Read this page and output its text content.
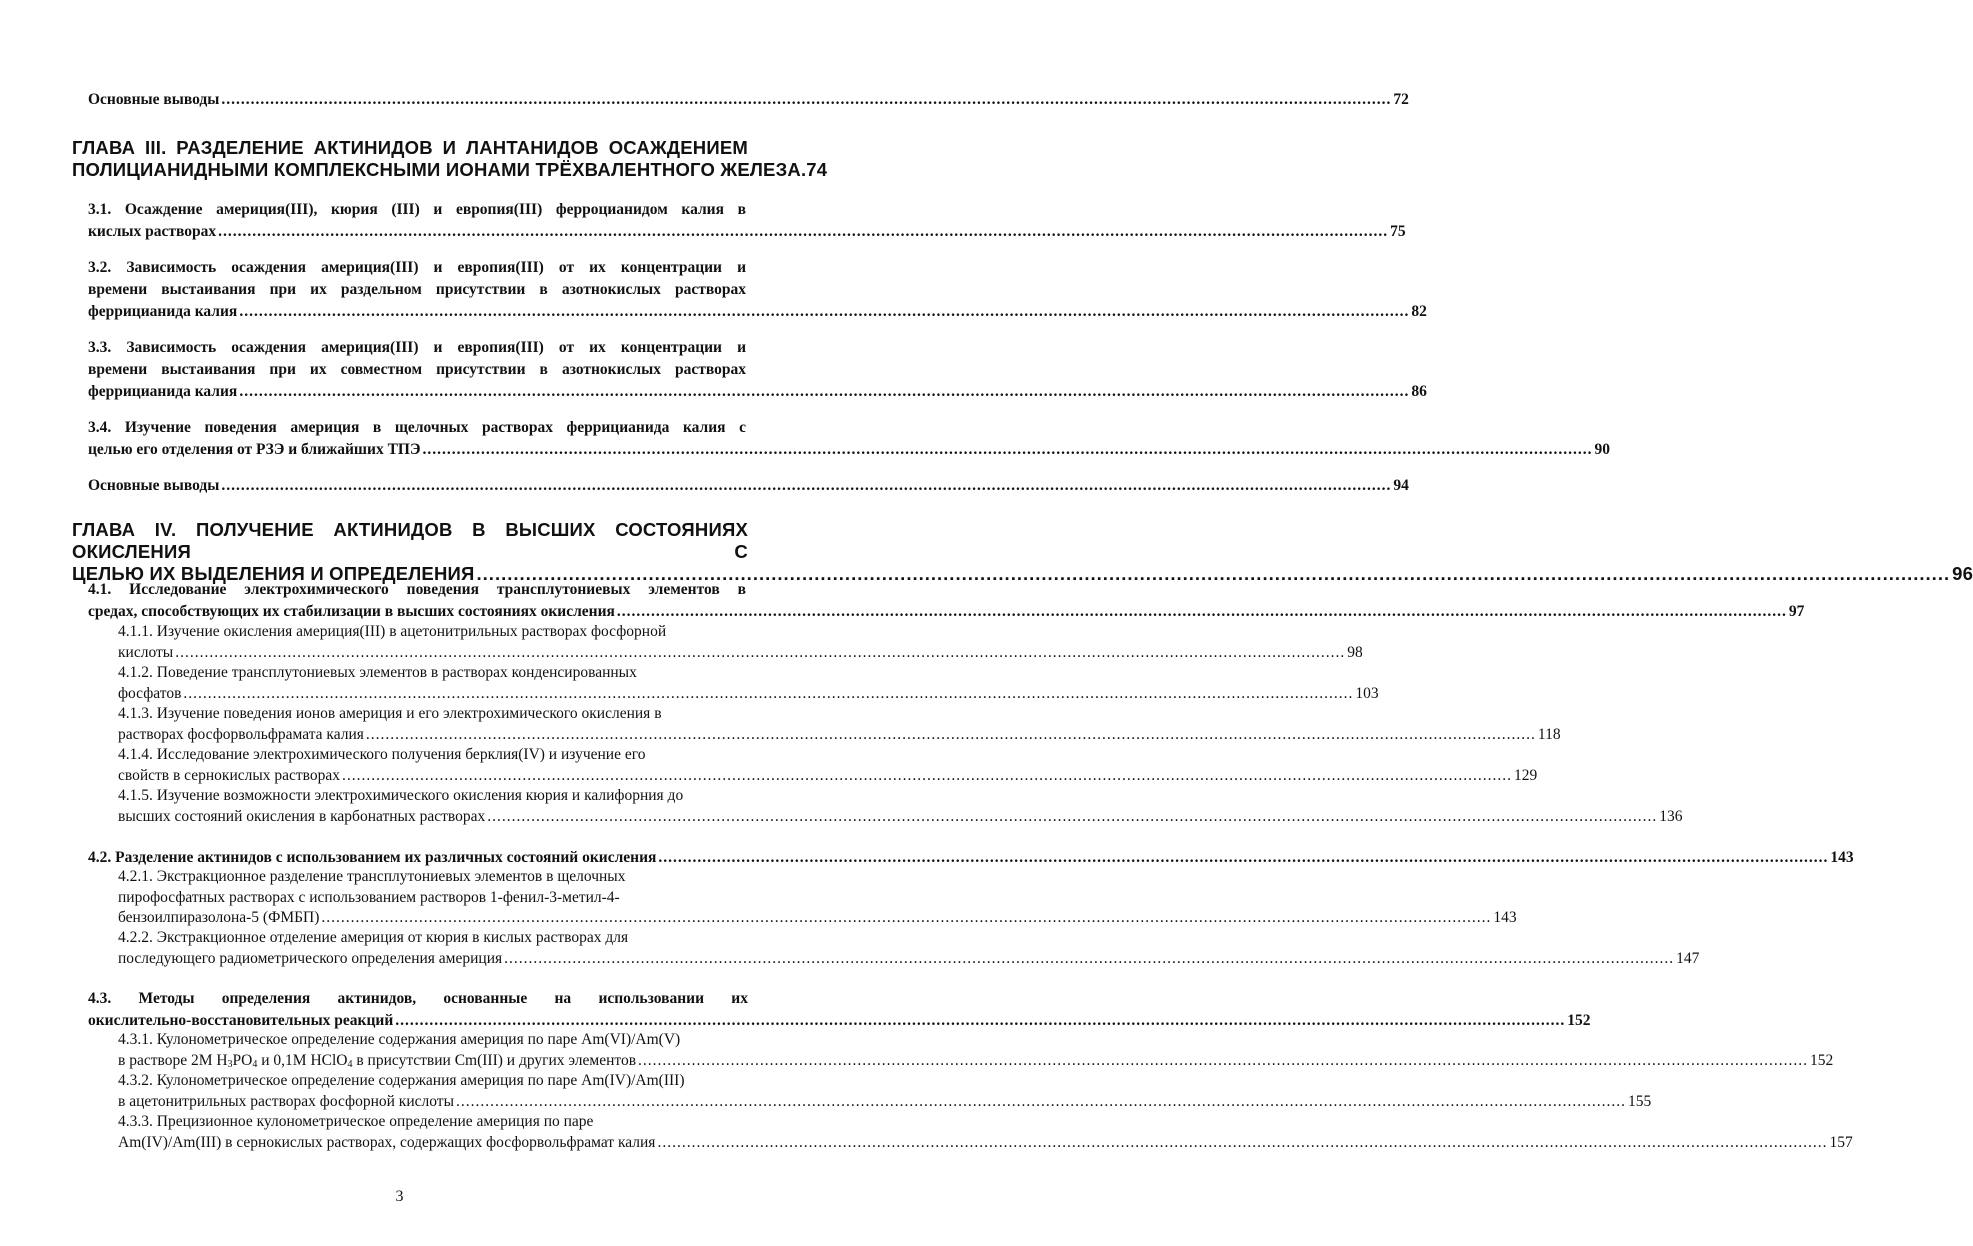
Основные выводы .....	72
ГЛАВА III. РАЗДЕЛЕНИЕ АКТИНИДОВ И ЛАНТАНИДОВ ОСАЖДЕНИЕМ
ПОЛИЦИАНИДНЫМИ КОМПЛЕКСНЫМИ ИОНАМИ ТРЁХВАЛЕНТНОГО ЖЕЛЕЗА.74
3.1. Осаждение америция(III), кюрия (III) и европия(III) ферроцианидом калия в
кислых растворах .....	75
3.2. Зависимость осаждения америция(III) и европия(III) от их концентрации и
времени выстаивания при их раздельном присутствии в азотнокислых растворах
феррицианида калия .....	82
3.3. Зависимость осаждения америция(III) и европия(III) от их концентрации и
времени выстаивания при их совместном присутствии в азотнокислых растворах
феррицианида калия .....	86
3.4. Изучение поведения америция в щелочных растворах феррицианида калия с
целью его отделения от РЗЭ и ближайших ТПЭ .....	90
Основные выводы .....	94
ГЛАВА IV. ПОЛУЧЕНИЕ АКТИНИДОВ В ВЫСШИХ СОСТОЯНИЯХ ОКИСЛЕНИЯ С
ЦЕЛЬЮ ИХ ВЫДЕЛЕНИЯ И ОПРЕДЕЛЕНИЯ .....	96
4.1. Исследование электрохимического поведения трансплутониевых элементов в
средах, способствующих их стабилизации в высших состояниях окисления .....	97
4.1.1. Изучение окисления америция(III) в ацетонитрильных растворах фосфорной
кислоты .....	98
4.1.2. Поведение трансплутониевых элементов в растворах конденсированных
фосфатов .....	103
4.1.3. Изучение поведения ионов америция и его электрохимического окисления в
растворах фосфорвольфрамата калия .....	118
4.1.4. Исследование электрохимического получения берклия(IV) и изучение его
свойств в сернокислых растворах .....	129
4.1.5. Изучение возможности электрохимического окисления кюрия и калифорния до
высших состояний окисления в карбонатных растворах .....	136
4.2. Разделение актинидов с использованием их различных состояний окисления .....	143
4.2.1. Экстракционное разделение трансплутониевых элементов в щелочных
пирофосфатных растворах с использованием растворов 1-фенил-3-метил-4-
бензоилпиразолона-5 (ФМБП) .....	143
4.2.2. Экстракционное отделение америция от кюрия в кислых растворах для
последующего радиометрического определения америция .....	147
4.3. Методы определения актинидов, основанные на использовании их
окислительно-восстановительных реакций .....	152
4.3.1. Кулонометрическое определение содержания америция по паре Am(VI)/Am(V)
в растворе 2М $H_3PO_4$ и 0,1М HClO$_4$ в присутствии Cm(III) и других элементов .....	152
4.3.2. Кулонометрическое определение содержания америция по паре Am(IV)/Am(III)
в ацетонитрильных растворах фосфорной кислоты .....	155
4.3.3. Прецизионное кулонометрическое определение америция по паре
Am(IV)/Am(III) в сернокислых растворах, содержащих фосфорвольфрамат калия .....	157
3
